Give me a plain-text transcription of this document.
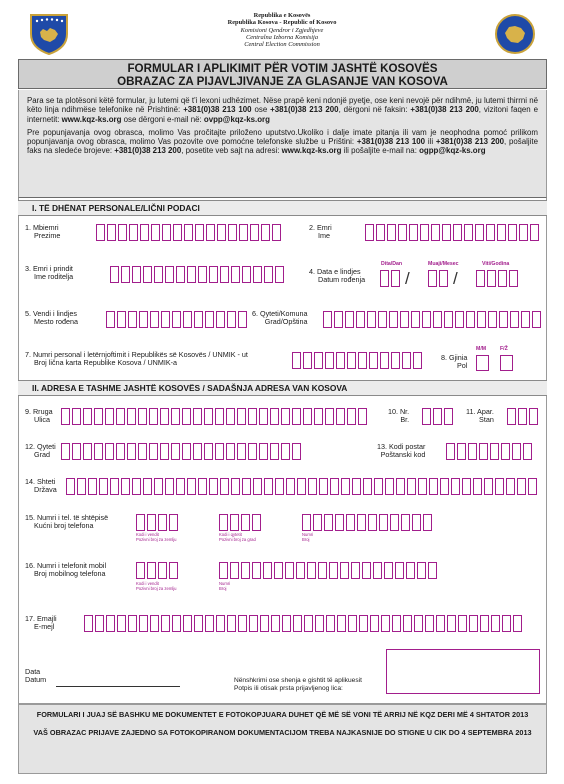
Republika e Kosovës
Republika Kosova - Republic of Kosovo
Komisioni Qendror i Zgjedhjeve
Centralna Izborna Komisija
Central Election Commission
FORMULAR I APLIKIMIT PËR VOTIM JASHTË KOSOVËS
OBRAZAC ZA PIJAVLJIVANJE ZA GLASANJE VAN KOSOVA

Para se ta plotësoni këtë formular, ju lutemi që t'i lexoni udhëzimet. Nëse prapë keni ndonjë pyetje, ose keni nevojë për ndihmë, ju lutemi thirrni në këto linja ndihmëse telefonike në Prishtinë: +381(0)38 213 100 ose +381(0)38 213 200, dërgoni në faksin: +381(0)38 213 200, vizitoni faqen e internetit: www.kqz-ks.org ose dërgoni e-mail në: ovpp@kqz-ks.org

Pre popunjavanja ovog obrasca, molimo Vas pročitajte priloženo uputstvo.Ukoliko i dalje imate pitanja ili vam je neophodna pomoć prilikom popunjavanja ovog obrasca, molimo Vas pozovite ove pomoćne telefonske službe u Prištini: +381(0)38 213 100 ili +381(0)38 213 200, pošaljite faks na sledeće brojeve: +381(0)38 213 200, posetite veb sajt na adresi: www.kqz-ks.org ili pošaljite e-mail na: ogpp@kqz-ks.org

I. TË DHËNAT PERSONALE/LIČNI PODACI
1. Mbiemri
Prezime
2. Emri
Ime
3. Emri i prindit
Ime roditelja
4. Data e lindjes
Datum rođenja
Dita/Dan	Muaji/Mesec	Viti/Godina
/	/
5. Vendi i lindjes
Mesto rođena
6. Qyteti/Komuna
Grad/Opština
7. Numri personal i letërnjoftimit i Republikës së Kosovës / UNMIK - ut
Broj lična karta Republike Kosova / UNMIK-a
8. Gjinia
Pol
M/M	F/Ž
II. ADRESA E TASHME JASHTË KOSOVËS / SADAŠNJA ADRESA VAN KOSOVA
9. Rruga
Ulica
10. Nr.
Br.
11. Apar.
Stan
12. Qyteti
Grad
13. Kodi postar
Poštanski kod
14. Shteti
Država
15. Numri i tel. të shtëpisë
Kućni broj telefona
Kodi i vendit
Pozivni broj za zemlju
Kodi i qytetit
Pozivni broj za grad
Numri
Broj
16. Numri i telefonit mobil
Broj mobilnog telefona
Kodi i vendit
Pozivni broj za zemlju
Numri
Broj
17. Emajli
E-mejl
Data
Datum	Nënshkrimi ose shenja e gishtit të aplikuesit
Potpis ili otisak prsta prijavljenog lica:

FORMULARI I JUAJ SË BASHKU ME DOKUMENTET E FOTOKOPJUARA DUHET QË MË SË VONI TË ARRIJ NË KQZ DERI MË 4 SHTATOR 2013

VAŠ OBRAZAC PRIJAVE ZAJEDNO SA FOTOKOPIRANOM DOKUMENTACIJOM TREBA NAJKASNIJE DO STIGNE U CIK DO 4 SEPTEMBRA 2013
